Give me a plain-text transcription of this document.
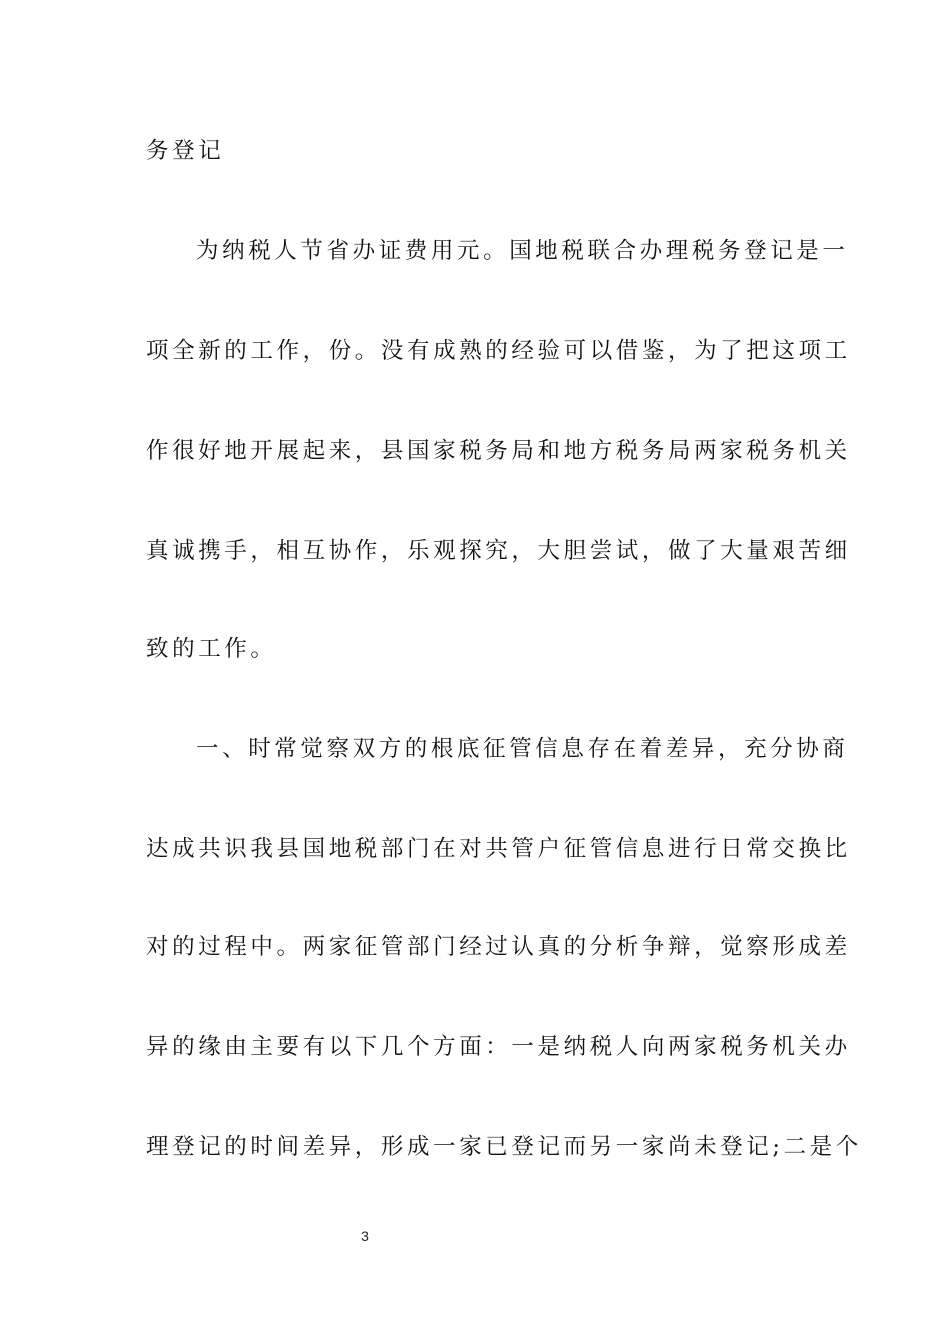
务登记

为纳税人节省办证费用元。国地税联合办理税务登记是一

项全新的工作，份。没有成熟的经验可以借鉴，为了把这项工

作很好地开展起来，县国家税务局和地方税务局两家税务机关

真诚携手，相互协作，乐观探究，大胆尝试，做了大量艰苦细

致的工作。

一、时常觉察双方的根底征管信息存在着差异，充分协商

达成共识我县国地税部门在对共管户征管信息进行日常交换比

对的过程中。两家征管部门经过认真的分析争辩，觉察形成差

异的缘由主要有以下几个方面：一是纳税人向两家税务机关办

理登记的时间差异，形成一家已登记而另一家尚未登记;二是个

3
